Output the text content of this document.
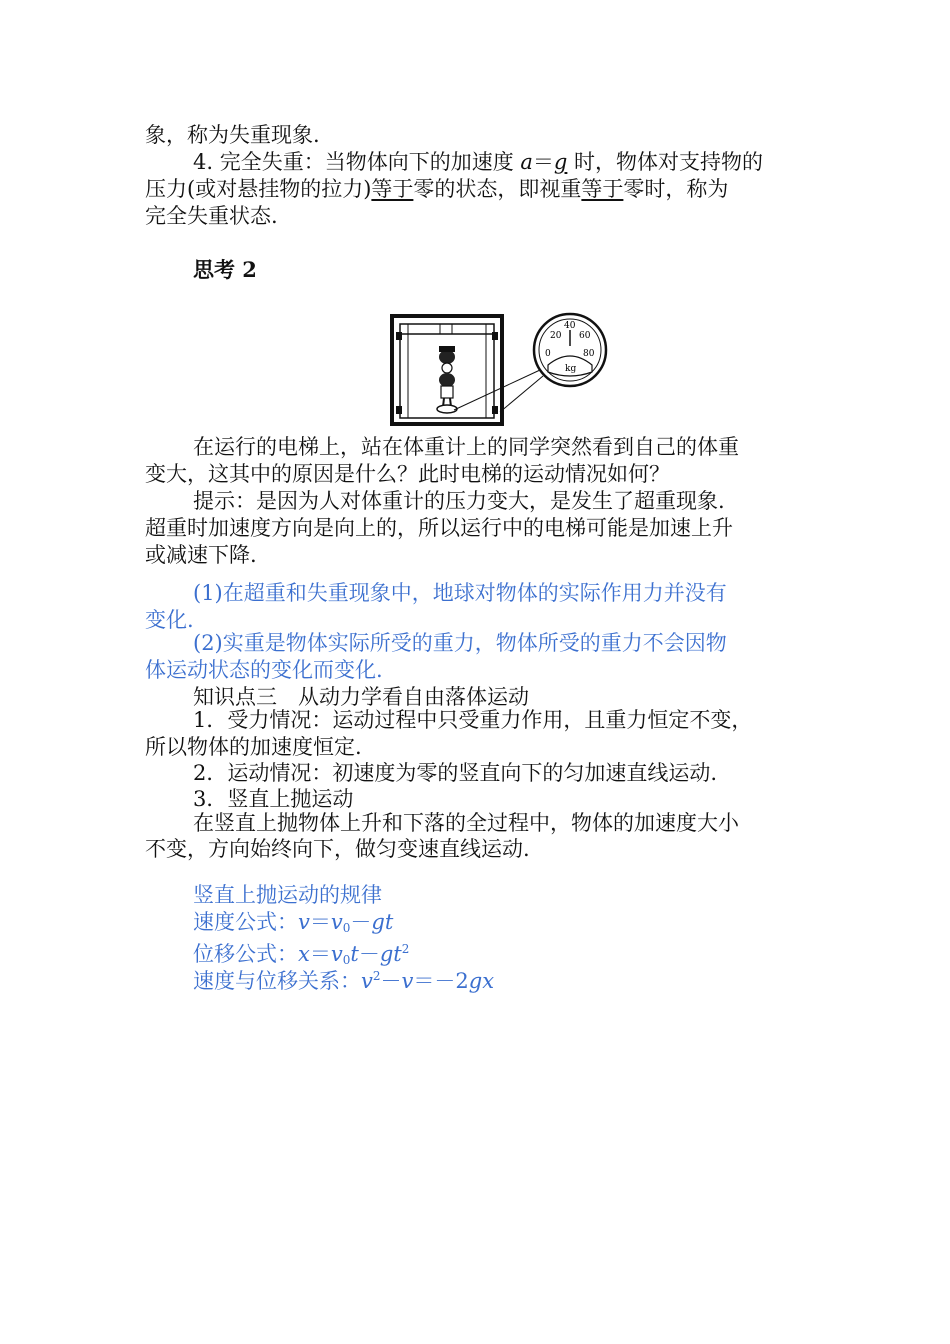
象，称为失重现象.
4. 完全失重：当物体向下的加速度 a＝g 时，物体对支持物的
压力(或对悬挂物的拉力)等于零的状态，即视重等于零时，称为
完全失重状态.
思考 2
0
20
40
60
80
kg
在运行的电梯上，站在体重计上的同学突然看到自己的体重
变大，这其中的原因是什么？此时电梯的运动情况如何？
提示：是因为人对体重计的压力变大，是发生了超重现象.
超重时加速度方向是向上的，所以运行中的电梯可能是加速上升
或减速下降.
(1)在超重和失重现象中，地球对物体的实际作用力并没有
变化.
(2)实重是物体实际所受的重力，物体所受的重力不会因物
体运动状态的变化而变化.
知识点三　从动力学看自由落体运动
1．受力情况：运动过程中只受重力作用，且重力恒定不变，
所以物体的加速度恒定.
2．运动情况：初速度为零的竖直向下的匀加速直线运动.
3．竖直上抛运动
在竖直上抛物体上升和下落的全过程中，物体的加速度大小
不变，方向始终向下，做匀变速直线运动.
竖直上抛运动的规律
速度公式：$v=v_0-gt$
位移公式：$x=v_0t-gt^2$
速度与位移关系：$v^2-v=-2gx$
